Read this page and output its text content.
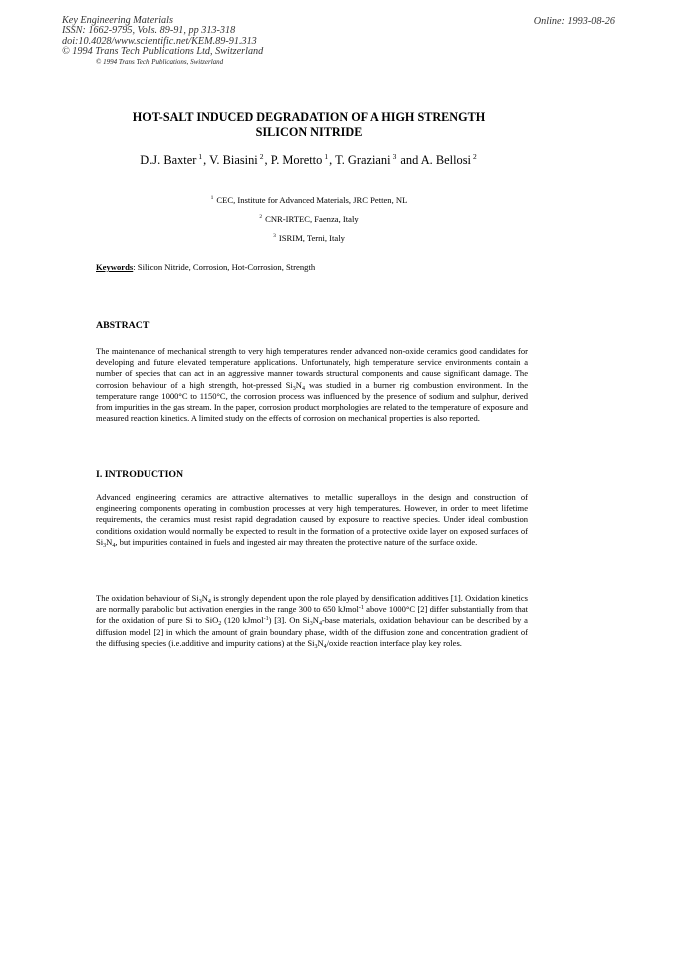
Key Engineering Materials
ISSN: 1662-9795, Vols. 89-91, pp 313-318
doi:10.4028/www.scientific.net/KEM.89-91.313
© 1994 Trans Tech Publications Ltd, Switzerland
© 1994 Trans Tech Publications, Switzerland
Online: 1993-08-26
HOT-SALT INDUCED DEGRADATION OF A HIGH STRENGTH
SILICON NITRIDE
D.J. Baxter $^1$, V. Biasini $^2$, P. Moretto $^1$, T. Graziani $^3$ and A. Bellosi $^2$
$^1$ CEC, Institute for Advanced Materials, JRC Petten, NL
$^2$ CNR-IRTEC, Faenza, Italy
$^3$ ISRIM, Terni, Italy
Keywords: Silicon Nitride, Corrosion, Hot-Corrosion, Strength
ABSTRACT
The maintenance of mechanical strength to very high temperatures render advanced non-oxide ceramics good candidates for developing and future elevated temperature applications. Unfortunately, high temperature service environments contain a number of species that can act in an aggressive manner towards structural components and cause significant damage. The corrosion behaviour of a high strength, hot-pressed $Si_3N_4$ was studied in a burner rig combustion environment. In the temperature range 1000°C to 1150°C, the corrosion process was influenced by the presence of sodium and sulphur, derived from impurities in the gas stream. In the paper, corrosion product morphologies are related to the temperature of exposure and measured reaction kinetics. A limited study on the effects of corrosion on mechanical properties is also reported.
I. INTRODUCTION
Advanced engineering ceramics are attractive alternatives to metallic superalloys in the design and construction of engineering components operating in combustion processes at very high temperatures. However, in order to meet lifetime requirements, the ceramics must resist rapid degradation caused by exposure to reactive species. Under ideal combustion conditions oxidation would normally be expected to result in the formation of a protective oxide layer on exposed surfaces of $Si_3N_4$, but impurities contained in fuels and ingested air may threaten the protective nature of the surface oxide.
The oxidation behaviour of $Si_3N_4$ is strongly dependent upon the role played by densification additives [1]. Oxidation kinetics are normally parabolic but activation energies in the range 300 to 650 kJmol$^{-1}$ above 1000°C [2] differ substantially from that for the oxidation of pure Si to SiO$_2$ (120 kJmol$^{-1}$) [3]. On $Si_3N_4$-base materials, oxidation behaviour can be described by a diffusion model [2] in which the amount of grain boundary phase, width of the diffusion zone and concentration gradient of the diffusing species (i.e.additive and impurity cations) at the $Si_3N_4$/oxide reaction interface play key roles.
